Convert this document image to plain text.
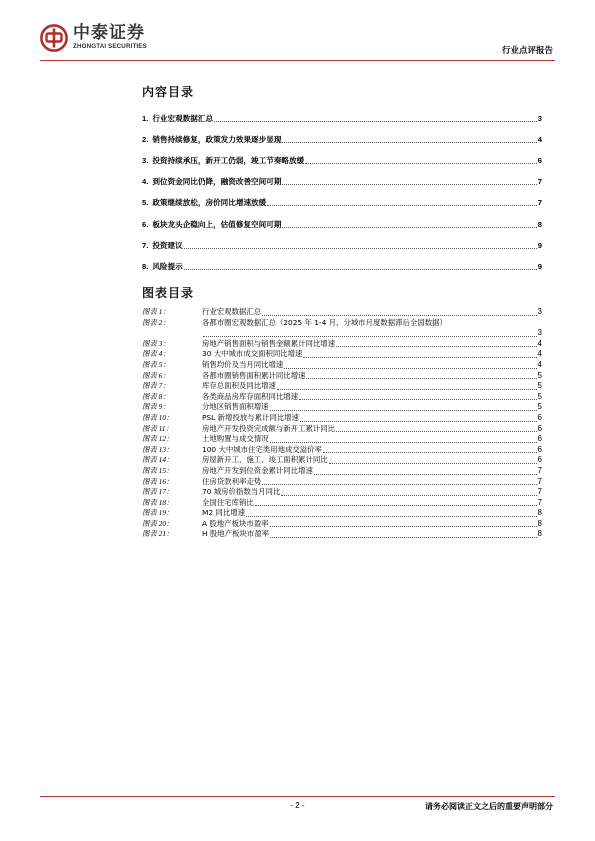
中泰证券
ZHONGTAI SECURITIES	行业点评报告
内容目录
1. 行业宏观数据汇总	3
2. 销售持续修复，政策发力效果逐步显现	4
3. 投资持续承压，新开工仍弱，竣工节奏略放缓	6
4. 到位资金同比仍降，融资改善空间可期	7
5. 政策继续放松，房价同比增速放缓	7
6. 板块龙头企稳向上，估值修复空间可期	8
7. 投资建议	9
8. 风险提示	9
图表目录
图表 1：	行业宏观数据汇总	3
图表 2：	各都市圈宏观数据汇总（2025 年 1-4 月，分城市月度数据滞后全国数据）
3
图表 3：	房地产销售面积与销售金额累计同比增速	4
图表 4：	30 大中城市成交面积同比增速	4
图表 5：	销售均价及当月同比增速	4
图表 6：	各都市圈销售面积累计同比增速	5
图表 7：	库存总面积及同比增速	5
图表 8：	各类商品房库存面积同比增速	5
图表 9：	分地区销售面积增速	5
图表 10：	PSL 新增投放与累计同比增速	6
图表 11：	房地产开发投资完成额与新开工累计同比	6
图表 12：	土地购置与成交情况	6
图表 13：	100 大中城市住宅类用地成交溢价率	6
图表 14：	房屋新开工、施工、竣工面积累计同比	6
图表 15：	房地产开发到位资金累计同比增速	7
图表 16：	住房贷款利率走势	7
图表 17：	70 城房价指数当月同比	7
图表 18：	全国住宅库销比	7
图表 19：	M2 同比增速	8
图表 20：	A 股地产板块市盈率	8
图表 21：	H 股地产板块市盈率	8
- 2 -	请务必阅读正文之后的重要声明部分
